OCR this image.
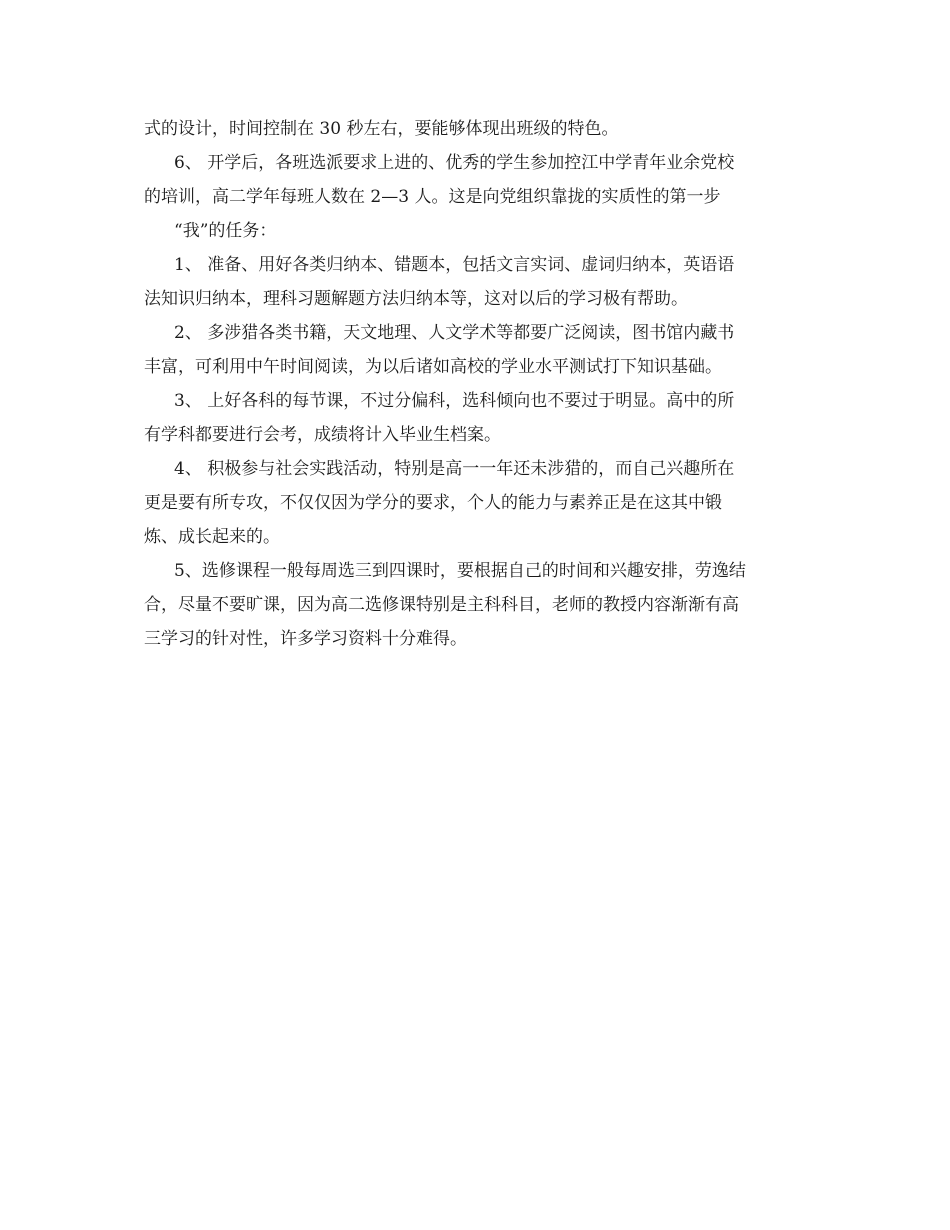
式的设计，时间控制在 30 秒左右，要能够体现出班级的特色。
6、 开学后，各班选派要求上进的、优秀的学生参加控江中学青年业余党校
的培训，高二学年每班人数在 2—3 人。这是向党组织靠拢的实质性的第一步
“我”的任务：
1、 准备、用好各类归纳本、错题本，包括文言实词、虚词归纳本，英语语
法知识归纳本，理科习题解题方法归纳本等，这对以后的学习极有帮助。
2、 多涉猎各类书籍，天文地理、人文学术等都要广泛阅读，图书馆内藏书
丰富，可利用中午时间阅读，为以后诸如高校的学业水平测试打下知识基础。
3、 上好各科的每节课，不过分偏科，选科倾向也不要过于明显。高中的所
有学科都要进行会考，成绩将计入毕业生档案。
4、 积极参与社会实践活动，特别是高一一年还未涉猎的，而自己兴趣所在
更是要有所专攻，不仅仅因为学分的要求，个人的能力与素养正是在这其中锻
炼、成长起来的。
5、选修课程一般每周选三到四课时，要根据自己的时间和兴趣安排，劳逸结
合，尽量不要旷课，因为高二选修课特别是主科科目，老师的教授内容渐渐有高
三学习的针对性，许多学习资料十分难得。
